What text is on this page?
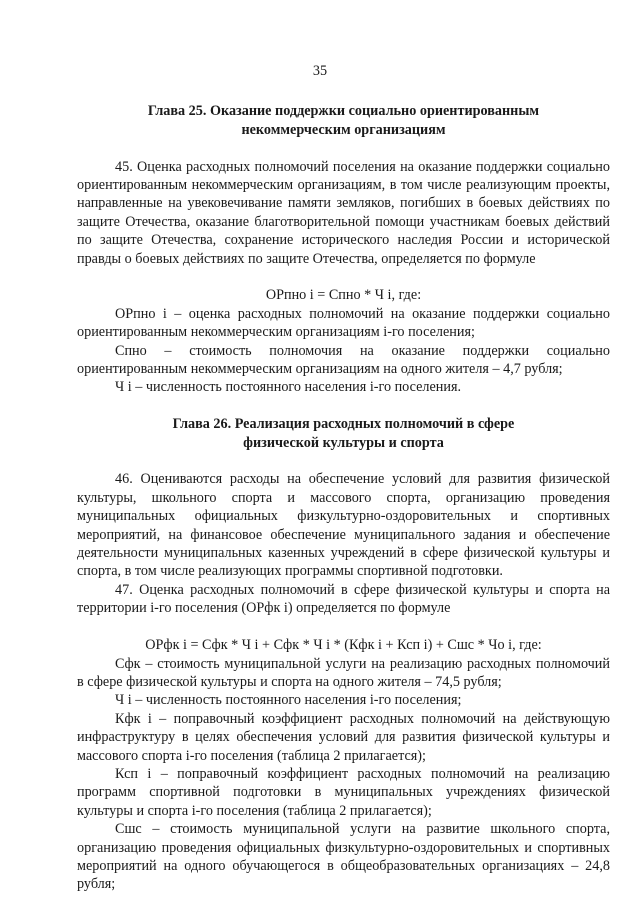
35

Глава 25. Оказание поддержки социально ориентированным

некоммерческим организациям

45. Оценка расходных полномочий поселения на оказание поддержки социально ориентированным некоммерческим организациям, в том числе реализующим проекты, направленные на увековечивание памяти земляков, погибших в боевых действиях по защите Отечества, оказание благотворительной помощи участникам боевых действий по защите Отечества, сохранение исторического наследия России и исторической правды о боевых действиях по защите Отечества, определяется по формуле

ОРпно i = Спно * Ч i, где:

ОРпно i – оценка расходных полномочий на оказание поддержки социально ориентированным некоммерческим организациям i-го поселения;

Спно – стоимость полномочия на оказание поддержки социально ориентированным некоммерческим организациям на одного жителя – 4,7 рубля;

Ч i – численность постоянного населения i-го поселения.

Глава 26. Реализация расходных полномочий в сфере

физической культуры и спорта

46. Оцениваются расходы на обеспечение условий для развития физической культуры, школьного спорта и массового спорта, организацию проведения муниципальных официальных физкультурно-оздоровительных и спортивных мероприятий, на финансовое обеспечение муниципального задания и обеспечение деятельности муниципальных казенных учреждений в сфере физической культуры и спорта, в том числе реализующих программы спортивной подготовки.

47. Оценка расходных полномочий в сфере физической культуры и спорта на территории i-го поселения (ОРфк i) определяется по формуле

ОРфк i = Сфк * Ч i + Сфк * Ч i * (Кфк i + Ксп i) + Сшс * Чо i, где:

Сфк – стоимость муниципальной услуги на реализацию расходных полномочий в сфере физической культуры и спорта на одного жителя – 74,5 рубля;

Ч i – численность постоянного населения i-го поселения;

Кфк i – поправочный коэффициент расходных полномочий на действующую инфраструктуру в целях обеспечения условий для развития физической культуры и массового спорта i-го поселения (таблица 2 прилагается);

Ксп i – поправочный коэффициент расходных полномочий на реализацию программ спортивной подготовки в муниципальных учреждениях физической культуры и спорта i-го поселения (таблица 2 прилагается);

Сшс – стоимость муниципальной услуги на развитие школьного спорта, организацию проведения официальных физкультурно-оздоровительных и спортивных мероприятий на одного обучающегося в общеобразовательных организациях – 24,8 рубля;
